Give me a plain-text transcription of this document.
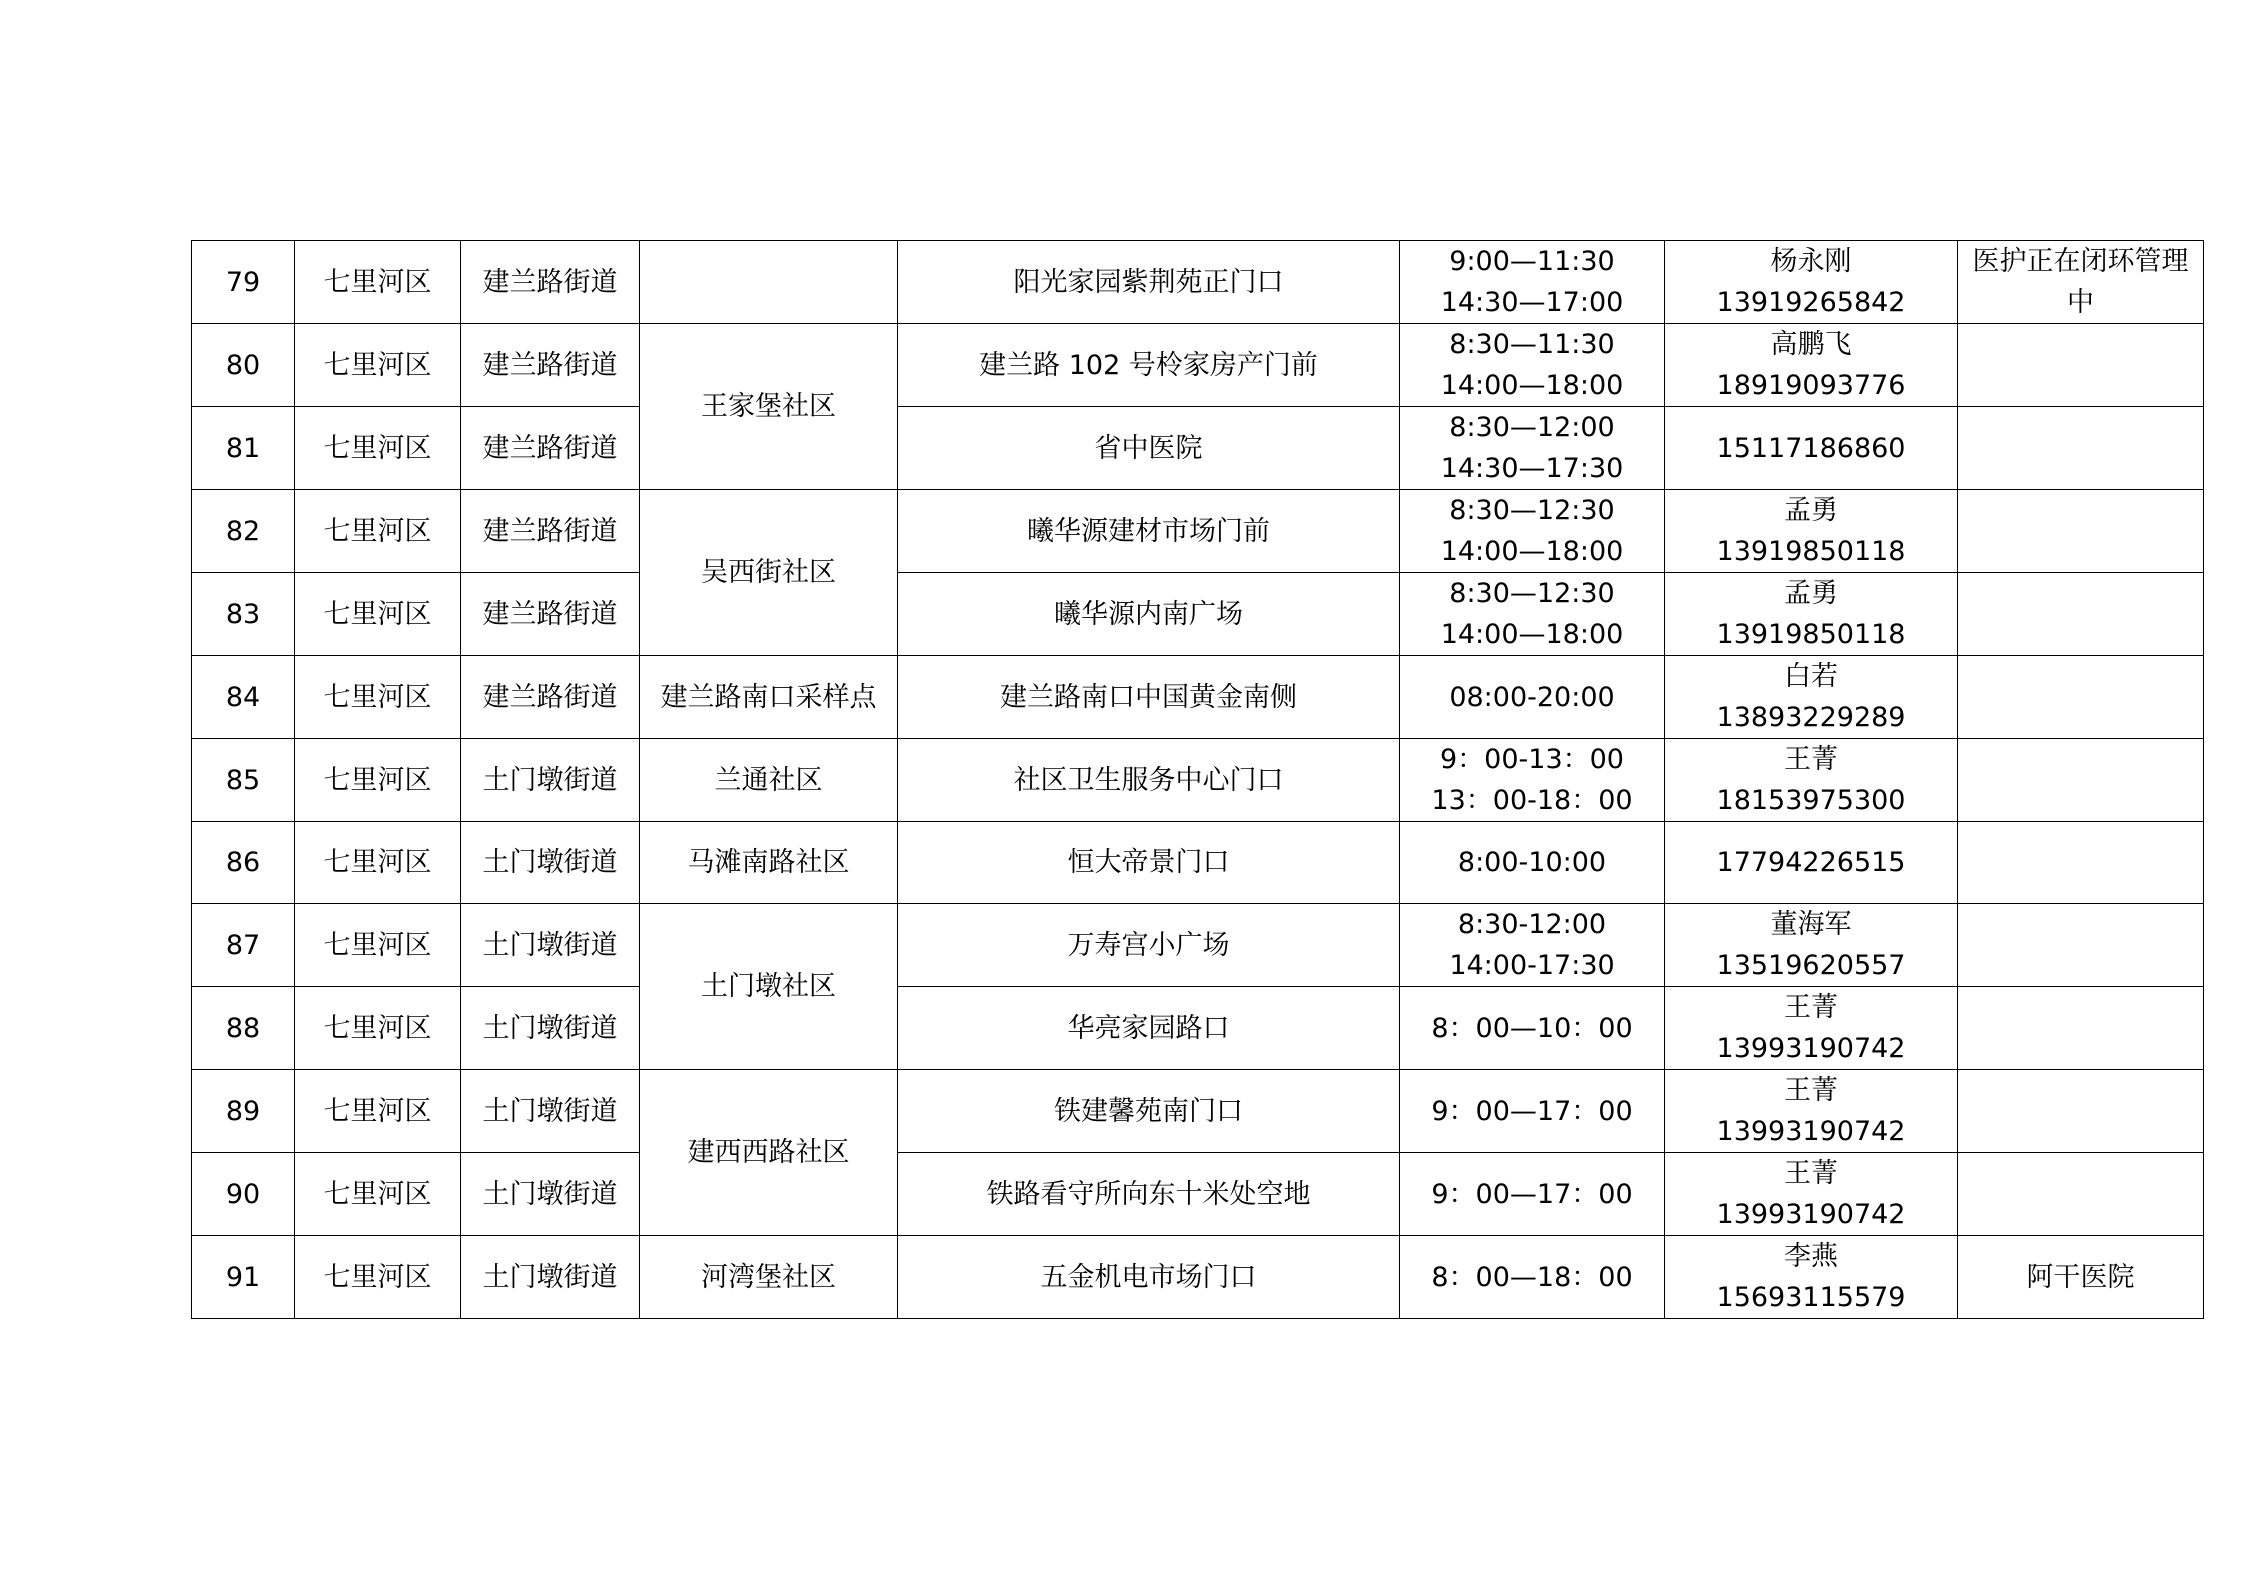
79	七里河区	建兰路街道		阳光家园紫荆苑正门口	9:00—11:30
14:30—17:00	杨永刚
13919265842	医护正在闭环管理中
80	七里河区	建兰路街道	王家堡社区	建兰路 102 号柃家房产门前	8:30—11:30
14:00—18:00	高鹏飞
18919093776	

81	七里河区	建兰路街道		省中医院	8:30—12:00
14:30—17:30	15117186860	

82	七里河区	建兰路街道	吴西街社区	曦华源建材市场门前	8:30—12:30
14:00—18:00	孟勇
13919850118	

83	七里河区	建兰路街道		曦华源内南广场	8:30—12:30
14:00—18:00	孟勇
13919850118	

84	七里河区	建兰路街道	建兰路南口采样点	建兰路南口中国黄金南侧	08:00-20:00	白若
13893229289	

85	七里河区	土门墩街道	兰通社区	社区卫生服务中心门口	9：00-13：00
13：00-18：00	王菁
18153975300	

86	七里河区	土门墩街道	马滩南路社区	恒大帝景门口	8:00-10:00	17794226515	

87	七里河区	土门墩街道	土门墩社区	万寿宫小广场	8:30-12:00
14:00-17:30	董海军
13519620557	

88	七里河区	土门墩街道		华亮家园路口	8：00—10：00	王菁
13993190742	

89	七里河区	土门墩街道	建西西路社区	铁建馨苑南门口	9：00—17：00	王菁
13993190742	

90	七里河区	土门墩街道		铁路看守所向东十米处空地	9：00—17：00	王菁
13993190742	

91	七里河区	土门墩街道	河湾堡社区	五金机电市场门口	8：00—18：00	李燕
15693115579	阿干医院
